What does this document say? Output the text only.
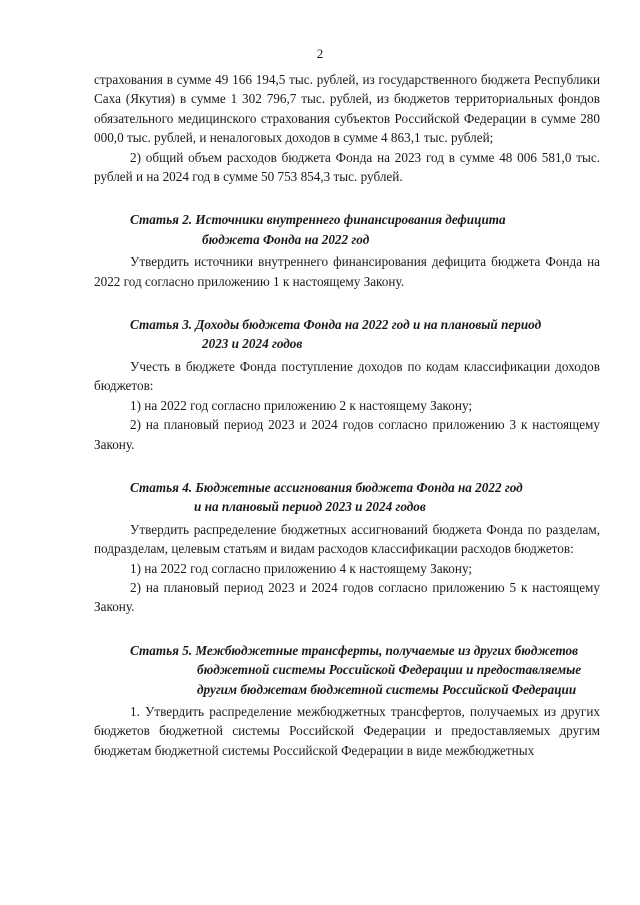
2

страхования в сумме 49 166 194,5 тыс. рублей, из государственного бюджета Республики Саха (Якутия) в сумме 1 302 796,7 тыс. рублей, из бюджетов территориальных фондов обязательного медицинского страхования субъектов Российской Федерации в сумме 280 000,0 тыс. рублей, и неналоговых доходов в сумме 4 863,1 тыс. рублей;

2) общий объем расходов бюджета Фонда на 2023 год в сумме 48 006 581,0 тыс. рублей и на 2024 год в сумме 50 753 854,3 тыс. рублей.

Статья 2. Источники внутреннего финансирования дефицита
бюджета Фонда на 2022 год

Утвердить источники внутреннего финансирования дефицита бюджета Фонда на 2022 год согласно приложению 1 к настоящему Закону.

Статья 3. Доходы бюджета Фонда на 2022 год и на плановый период
2023 и 2024 годов

Учесть в бюджете Фонда поступление доходов по кодам классификации доходов бюджетов:

1) на 2022 год согласно приложению 2 к настоящему Закону;

2) на плановый период 2023 и 2024 годов согласно приложению 3 к настоящему Закону.

Статья 4. Бюджетные ассигнования бюджета Фонда на 2022 год
и на плановый период 2023 и 2024 годов

Утвердить распределение бюджетных ассигнований бюджета Фонда по разделам, подразделам, целевым статьям и видам расходов классификации расходов бюджетов:

1) на 2022 год согласно приложению 4 к настоящему Закону;

2) на плановый период 2023 и 2024 годов согласно приложению 5 к настоящему Закону.

Статья 5. Межбюджетные трансферты, получаемые из других бюджетов
бюджетной системы Российской Федерации и предоставляемые
другим бюджетам бюджетной системы Российской Федерации

1. Утвердить распределение межбюджетных трансфертов, получаемых из других бюджетов бюджетной системы Российской Федерации и предоставляемых другим бюджетам бюджетной системы Российской Федерации в виде межбюджетных
